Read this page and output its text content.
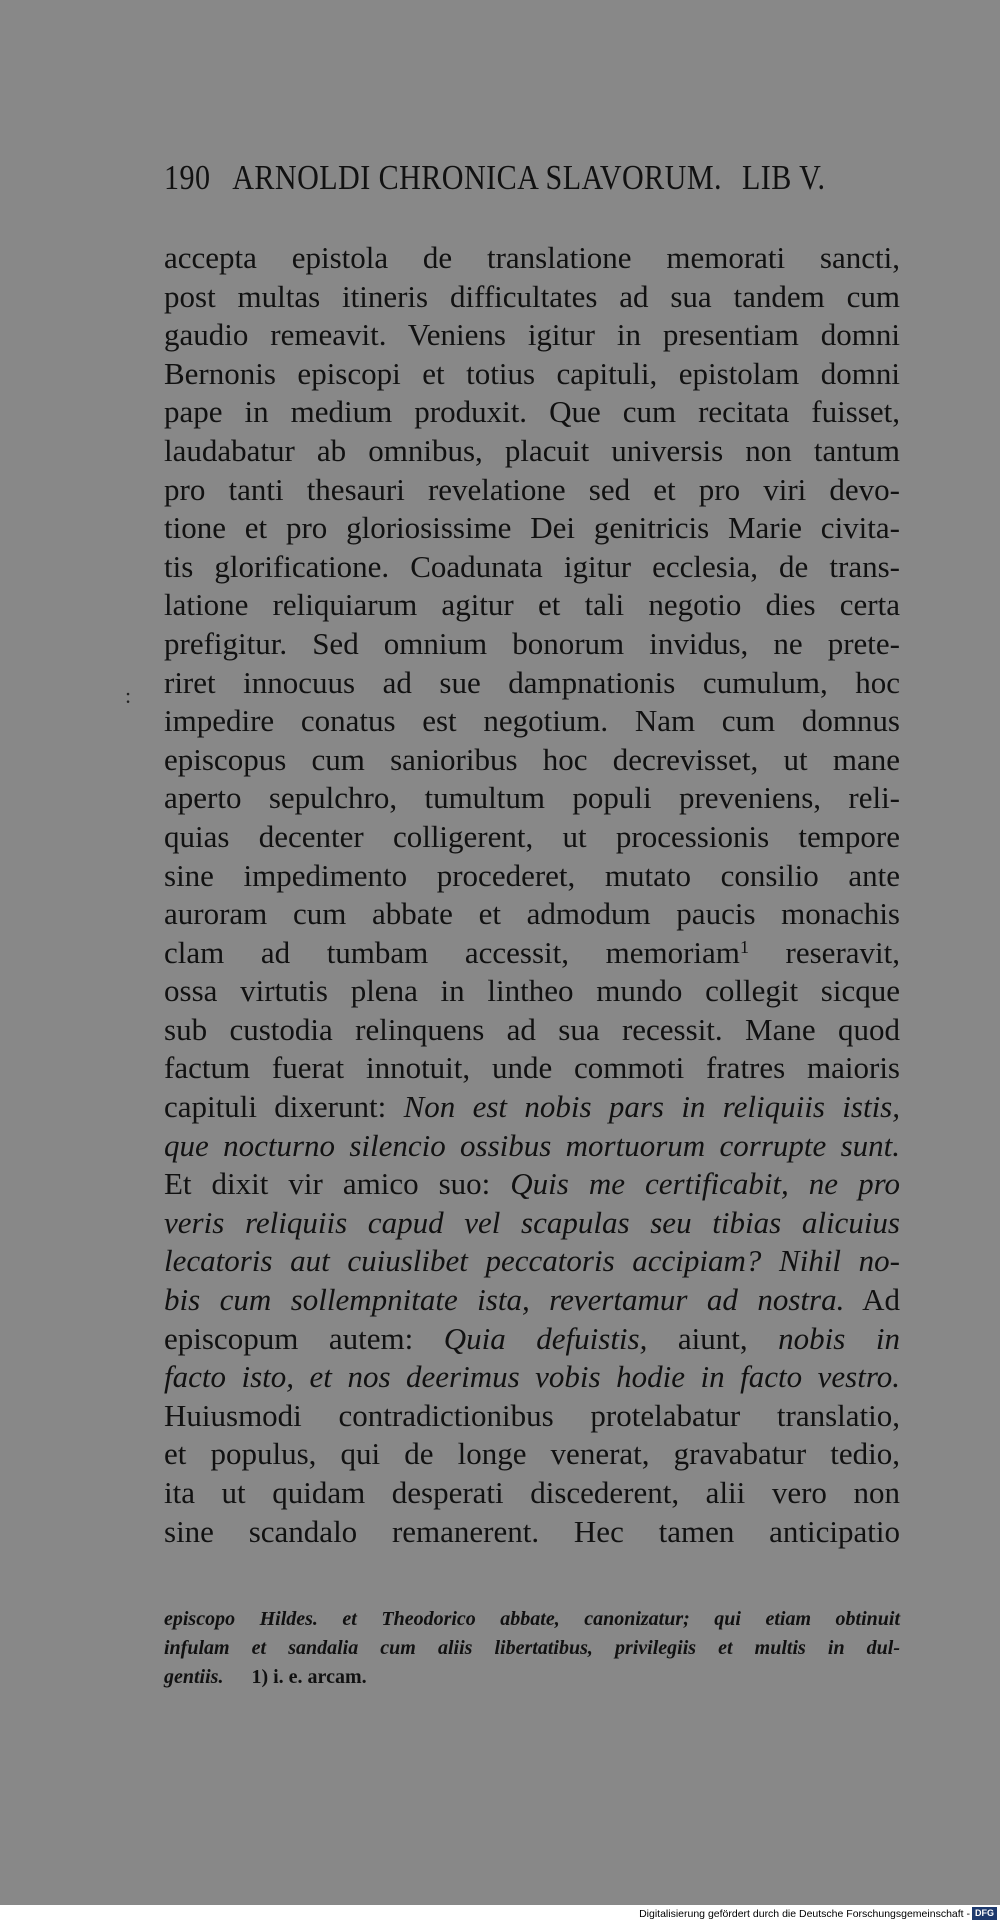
190 ARNOLDI CHRONICA SLAVORUM. LIB V.
:
accepta epistola de translatione memorati sancti,
post multas itineris difficultates ad sua tandem cum
gaudio remeavit. Veniens igitur in presentiam domni
Bernonis episcopi et totius capituli, epistolam domni
pape in medium produxit. Que cum recitata fuisset,
laudabatur ab omnibus, placuit universis non tantum
pro tanti thesauri revelatione sed et pro viri devo-
tione et pro gloriosissime Dei genitricis Marie civita-
tis glorificatione. Coadunata igitur ecclesia, de trans-
latione reliquiarum agitur et tali negotio dies certa
prefigitur. Sed omnium bonorum invidus, ne prete-
riret innocuus ad sue dampnationis cumulum, hoc
impedire conatus est negotium. Nam cum domnus
episcopus cum sanioribus hoc decrevisset, ut mane
aperto sepulchro, tumultum populi preveniens, reli-
quias decenter colligerent, ut processionis tempore
sine impedimento procederet, mutato consilio ante
auroram cum abbate et admodum paucis monachis
clam ad tumbam accessit, memoriam$^1$ reseravit,
ossa virtutis plena in lintheo mundo collegit sicque
sub custodia relinquens ad sua recessit. Mane quod
factum fuerat innotuit, unde commoti fratres maioris
capituli dixerunt: Non est nobis pars in reliquiis istis,
que nocturno silencio ossibus mortuorum corrupte sunt.
Et dixit vir amico suo: Quis me certificabit, ne pro
veris reliquiis capud vel scapulas seu tibias alicuius
lecatoris aut cuiuslibet peccatoris accipiam? Nihil no-
bis cum sollempnitate ista, revertamur ad nostra. Ad
episcopum autem: Quia defuistis, aiunt, nobis in
facto isto, et nos deerimus vobis hodie in facto vestro.
Huiusmodi contradictionibus protelabatur translatio,
et populus, qui de longe venerat, gravabatur tedio,
ita ut quidam desperati discederent, alii vero non
sine scandalo remanerent. Hec tamen anticipatio
episcopo Hildes. et Theodorico abbate, canonizatur; qui etiam obtinuit
infulam et sandalia cum aliis libertatibus, privilegiis et multis in dul-
gentiis. 1) i. e. arcam.
Digitalisierung gefördert durch die Deutsche Forschungsgemeinschaft - DFG
